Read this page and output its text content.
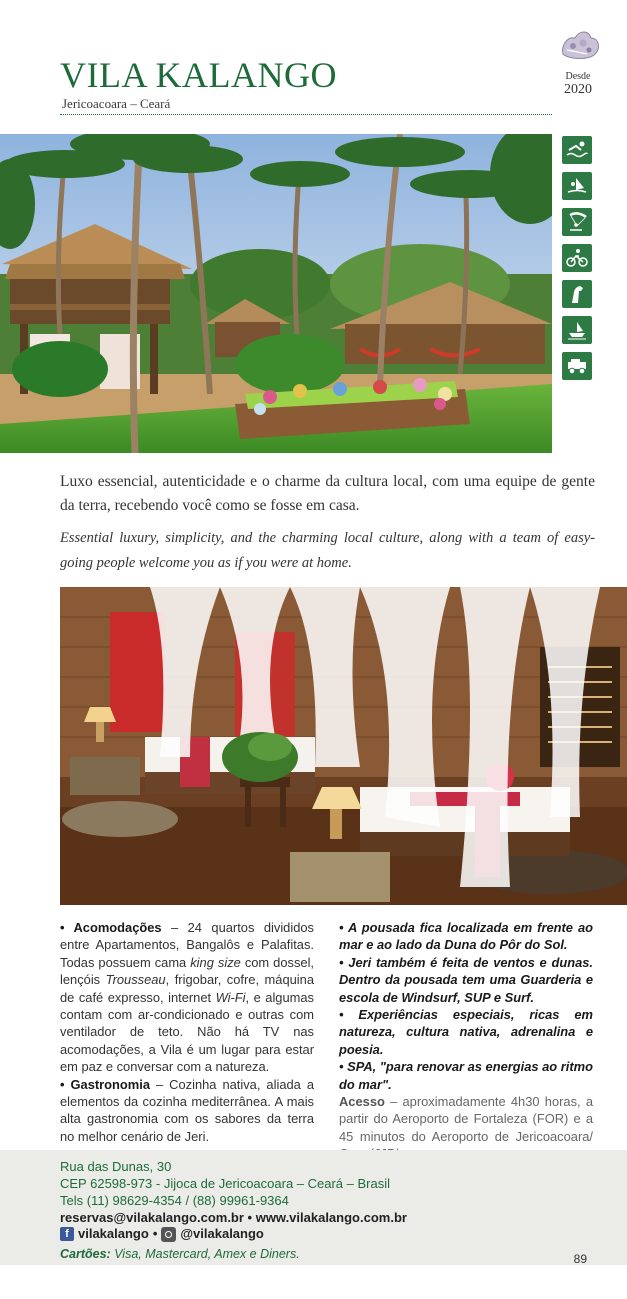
VILA KALANGO
Jericoacoara – Ceará
Desde
2020

Luxo essencial, autenticidade e o charme da cultura local, com uma equipe de gente da terra, recebendo você como se fosse em casa.

Essential luxury, simplicity, and the charming local culture, along with a team of easy-going people welcome you as if you were at home.

• Acomodações – 24 quartos divididos entre Apartamentos, Bangalôs e Palafitas. Todas possuem cama king size com dossel, lençóis Trousseau, frigobar, cofre, máquina de café expresso, internet Wi-Fi, e algumas contam com ar-condicionado e outras com ventilador de teto. Não há TV nas acomodações, a Vila é um lugar para estar em paz e conversar com a natureza.

• Gastronomia – Cozinha nativa, aliada a elementos da cozinha mediterrânea. A mais alta gastronomia com os sabores da terra no melhor cenário de Jeri.

• A pousada fica localizada em frente ao mar e ao lado da Duna do Pôr do Sol.

• Jeri também é feita de ventos e dunas. Dentro da pousada tem uma Guarderia e escola de Windsurf, SUP e Surf.

• Experiências especiais, ricas em natureza, cultura nativa, adrenalina e poesia.

• SPA, "para renovar as energias ao ritmo do mar".

Acesso – aproximadamente 4h30 horas, a partir do Aeroporto de Fortaleza (FOR) e a 45 minutos do Aeroporto de Jericoacoara/

Rua das Dunas, 30
CEP 62598-973 - Jijoca de Jericoacoara – Ceará – Brasil
Tels (11) 98629-4354 / (88) 99961-9364
reservas@vilakalango.com.br • www.vilakalango.com.br
f vilakalango • @vilakalango
Cartões: Visa, Mastercard, Amex e Diners.	89
